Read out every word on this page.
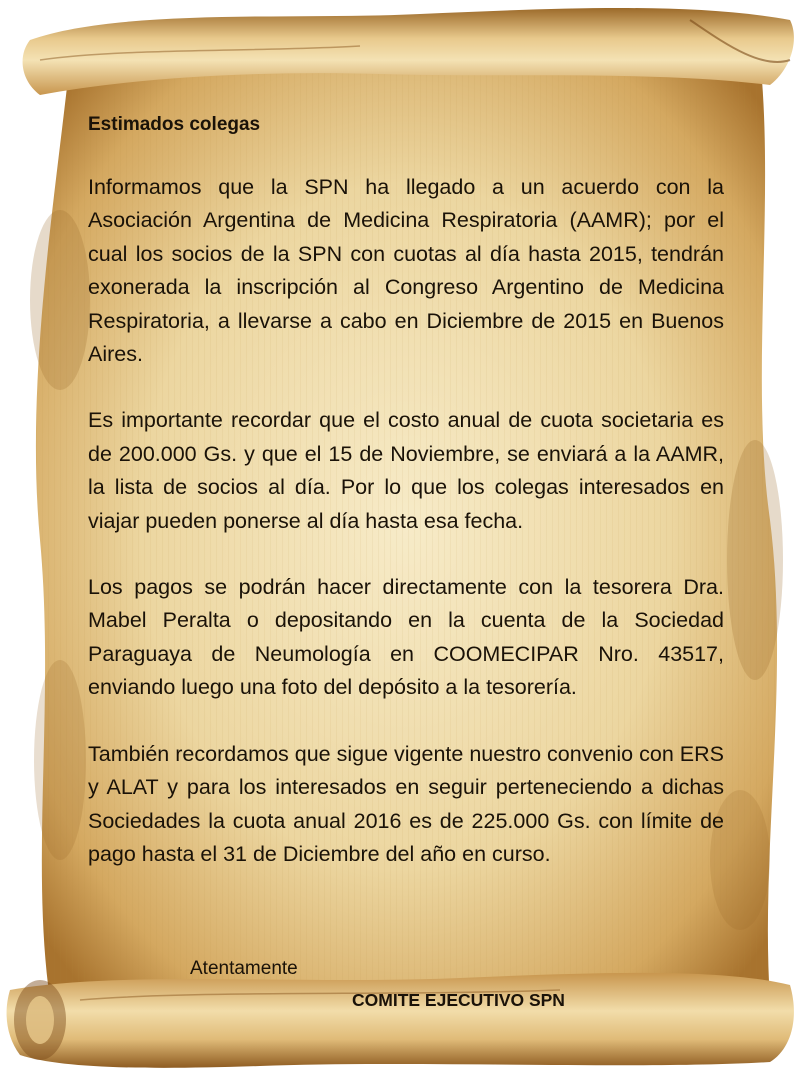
Estimados colegas
Informamos que la SPN ha llegado a un acuerdo con la Asociación Argentina de Medicina Respiratoria (AAMR); por el cual los socios de la SPN con cuotas al día hasta 2015, tendrán exonerada la inscripción al Congreso Argentino de Medicina Respiratoria, a llevarse a cabo en Diciembre de 2015 en Buenos Aires.
Es importante recordar que el costo anual de cuota societaria es de 200.000 Gs. y que el 15 de Noviembre, se enviará a la AAMR, la lista de socios al día. Por lo que los colegas interesados en viajar pueden ponerse al día hasta esa fecha.
Los pagos se podrán hacer directamente con la tesorera Dra. Mabel Peralta o depositando en la cuenta de la Sociedad Paraguaya de Neumología en COOMECIPAR Nro. 43517, enviando luego una foto del depósito a la tesorería.
También recordamos que sigue vigente nuestro convenio con ERS y ALAT y para los interesados en seguir perteneciendo a dichas Sociedades la cuota anual 2016 es de 225.000 Gs. con límite de pago hasta el 31 de Diciembre del año en curso.
Atentamente
COMITE EJECUTIVO SPN
